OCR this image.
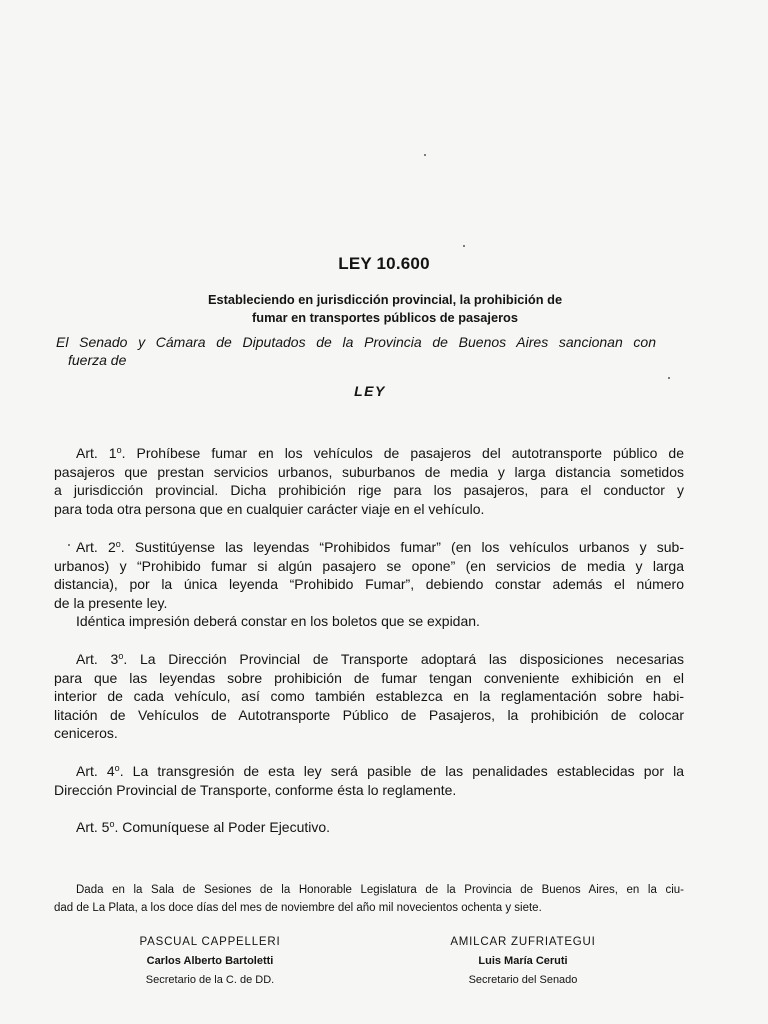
LEY 10.600
Estableciendo en jurisdicción provincial, la prohibición de
fumar en transportes públicos de pasajeros
El Senado y Cámara de Diputados de la Provincia de Buenos Aires sancionan con
fuerza de
LEY
Art. 1$^o$. Prohíbese fumar en los vehículos de pasajeros del autotransporte público de
pasajeros que prestan servicios urbanos, suburbanos de media y larga distancia sometidos
a jurisdicción provincial. Dicha prohibición rige para los pasajeros, para el conductor y
para toda otra persona que en cualquier carácter viaje en el vehículo.
Art. 2$^o$. Sustitúyense las leyendas “Prohibidos fumar” (en los vehículos urbanos y sub-
urbanos) y “Prohibido fumar si algún pasajero se opone” (en servicios de media y larga
distancia), por la única leyenda “Prohibido Fumar”, debiendo constar además el número
de la presente ley.
Idéntica impresión deberá constar en los boletos que se expidan.
Art. 3$^o$. La Dirección Provincial de Transporte adoptará las disposiciones necesarias
para que las leyendas sobre prohibición de fumar tengan conveniente exhibición en el
interior de cada vehículo, así como también establezca en la reglamentación sobre habi-
litación de Vehículos de Autotransporte Público de Pasajeros, la prohibición de colocar
ceniceros.
Art. 4$^o$. La transgresión de esta ley será pasible de las penalidades establecidas por la
Dirección Provincial de Transporte, conforme ésta lo reglamente.
Art. 5$^o$. Comuníquese al Poder Ejecutivo.
Dada en la Sala de Sesiones de la Honorable Legislatura de la Provincia de Buenos Aires, en la ciu-
dad de La Plata, a los doce días del mes de noviembre del año mil novecientos ochenta y siete.
PASCUAL CAPPELLERI
Carlos Alberto Bartoletti
Secretario de la C. de DD.
AMILCAR ZUFRIATEGUI
Luis María Ceruti
Secretario del Senado
